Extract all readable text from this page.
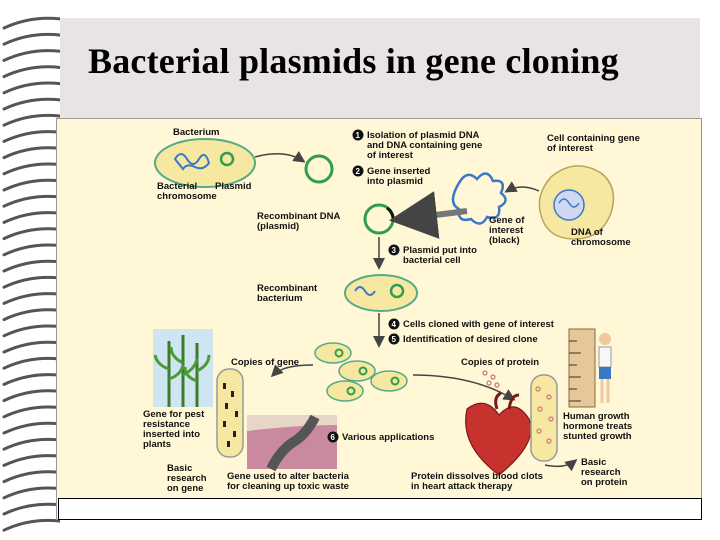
Bacterial plasmids in gene cloning
Bacterium
Bacterial
chromosome
Plasmid
1 Isolation of plasmid DNA
and DNA containing gene
of interest
2 Gene inserted
into plasmid
Cell containing gene
of interest
DNA of
chromosome
Gene of
interest
(black)
Recombinant DNA
(plasmid)
3 Plasmid put into
bacterial cell
Recombinant
bacterium
4 Cells cloned with gene of interest
5 Identification of desired clone
Copies of gene
Gene for pest
resistance
inserted into
plants
Basic
research
on gene
Gene used to alter bacteria
for cleaning up toxic waste
6 Various applications
Copies of protein
Human growth
hormone treats
stunted growth
Basic
research
on protein
Protein dissolves blood clots
in heart attack therapy
